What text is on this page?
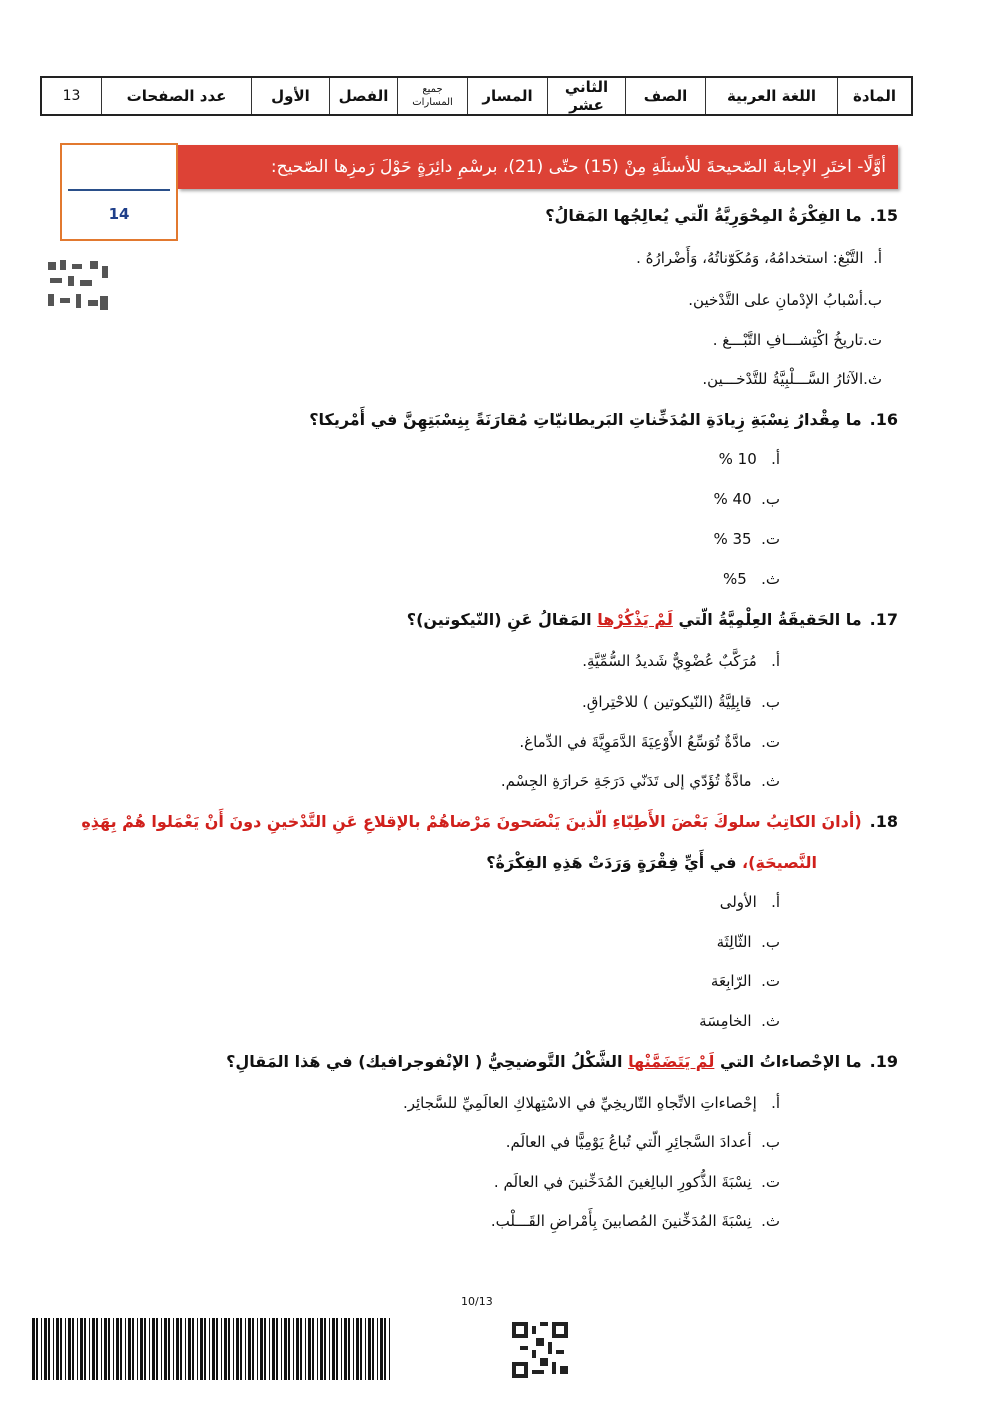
المادة
اللغة العربية
الصف
الثاني عشر
المسار
جميع
المسارات
الفصل
الأول
عدد الصفحات
13
أوَّلًا- اختَرِ الإجابةَ الصّحيحةَ للأسئلَةِ مِنْ (15) حتّى (21)، برسْمِ دائِرَةٍ حَوْلَ رَمزِها الصّحيح:
14	15.ما الفِكْرَةُ المِحْوَرِيَّةُ الّتي يُعالِجُها المَقالُ؟
أ.  التَّبْغ: استخدامُهُ، وَمُكَوّناتُهُ، وَأَضْرارُهُ .
ب.أسْبابُ الإدْمانِ على التَّدْخين.
ت.تاريخُ اكْتِشـــافِ التَّبْـــغ .
ث.الآثارُ السَّـــلْبِيَّةُ للتَّدْخـــين.
16.ما مِقْدارُ نِسْبَةِ زِيادَةِ المُدَخِّناتِ البَريطانيّاتِ مُقارَنَةً بِنِسْبَتِهِنَّ في أَمْريكا؟
أ.   10 %
ب.  40 %
ت.  35 %
ث.   5%
17.ما الحَقيقَةُ العِلْمِيَّةُ الّتي لَمْ يَذْكُرْها المَقالُ عَنِ (النّيكوتين)؟
أ.   مُرَكَّبٌ عُضْوِيٌّ شَديدُ السُّمِّيَّةِ.
ب.  قابِلِيَّةُ (النّيكوتين ) للاحْتِراقِ.
ت.  مادَّةٌ تُوَسِّعُ الأَوْعِيَةَ الدَّمَوِيَّةَ في الدِّماغ.
ث.  مادَّةٌ تُؤَدّي إلى تَدَنّي دَرَجَةِ حَرارَةِ الجِسْم.
18.(أدانَ الكاتِبُ سلوكَ بَعْضَ الأَطِبّاءِ الّذينَ يَنْصَحونَ مَرْضاهُمْ بالإقلاعِ عَنِ التَّدْخينِ دونَ أَنْ يَعْمَلوا هُمْ بِهَذِهِ
النَّصيحَةِ)، في أَيِّ فِقْرَةٍ وَرَدَتْ هَذِهِ الفِكْرَةُ؟
أ.   الأولى
ب.  الثّالِثَة
ت.  الرّابِعَة
ث.  الخامِسَة
19.ما الإحْصاءاتُ التي لَمْ يَتَضَمَّنْها الشَّكْلُ التَّوضيحِيُّ ( الإنْفوجرافيك) في هَذا المَقالِ؟
أ.   إحْصاءاتِ الاتِّجاهِ التّاريخِيِّ في الاسْتِهلاكِ العالَمِيِّ للسَّجائِر.
ب.  أعدادَ السَّجائِرِ الّتي تُباعُ يَوْمِيًّا في العالَم.
ت.  نِسْبَةَ الذُّكورِ البالِغينَ المُدَخِّنينَ في العالَم .
ث.  نِسْبَةَ المُدَخِّنينَ المُصابينَ بِأَمْراضِ القَـــلْب.
10/13
